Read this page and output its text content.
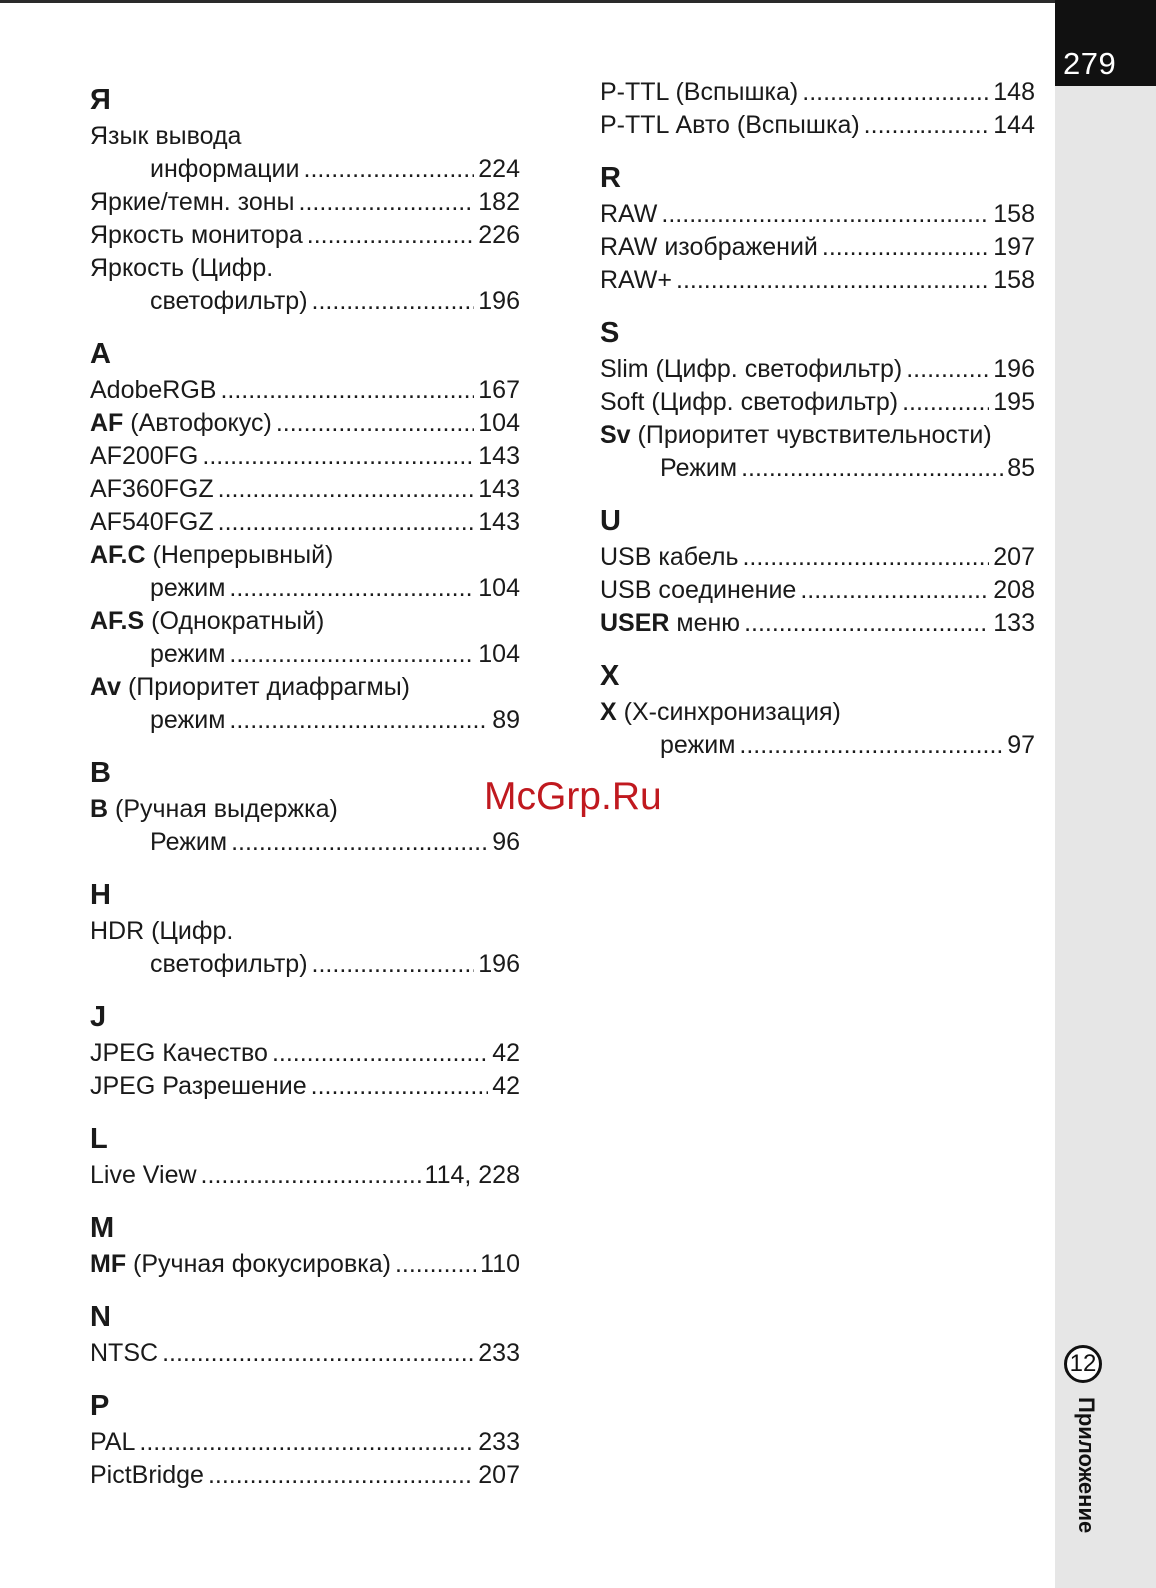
279
12
Приложение
Я
Язык вывода
информации .....	224
Яркие/темн. зоны .....	182
Яркость монитора .....	226
Яркость (Цифр.
светофильтр) .....	196
A
AdobeRGB .....	167
AF (Автофокус) .....	104
AF200FG .....	143
AF360FGZ .....	143
AF540FGZ .....	143
AF.C (Непрерывный)
режим .....	104
AF.S (Однократный)
режим .....	104
Av (Приоритет диафрагмы)
режим .....	89
B
B (Ручная выдержка)
Режим .....	96
H
HDR (Цифр.
светофильтр) .....	196
J
JPEG Качество .....	42
JPEG Разрешение .....	42
L
Live View .....	114, 228
M
MF (Ручная фокусировка) .....	110
N
NTSC .....	233
P
PAL .....	233
PictBridge .....	207
P-TTL (Вспышка) .....	148
P-TTL Авто (Вспышка) .....	144
R
RAW .....	158
RAW изображений .....	197
RAW+ .....	158
S
Slim (Цифр. светофильтр) .....	196
Soft (Цифр. светофильтр) .....	195
Sv (Приоритет чувствительности)
Режим .....	85
U
USB кабель .....	207
USB соединение .....	208
USER меню .....	133
X
X (X-синхронизация)
режим .....	97
McGrp.Ru
